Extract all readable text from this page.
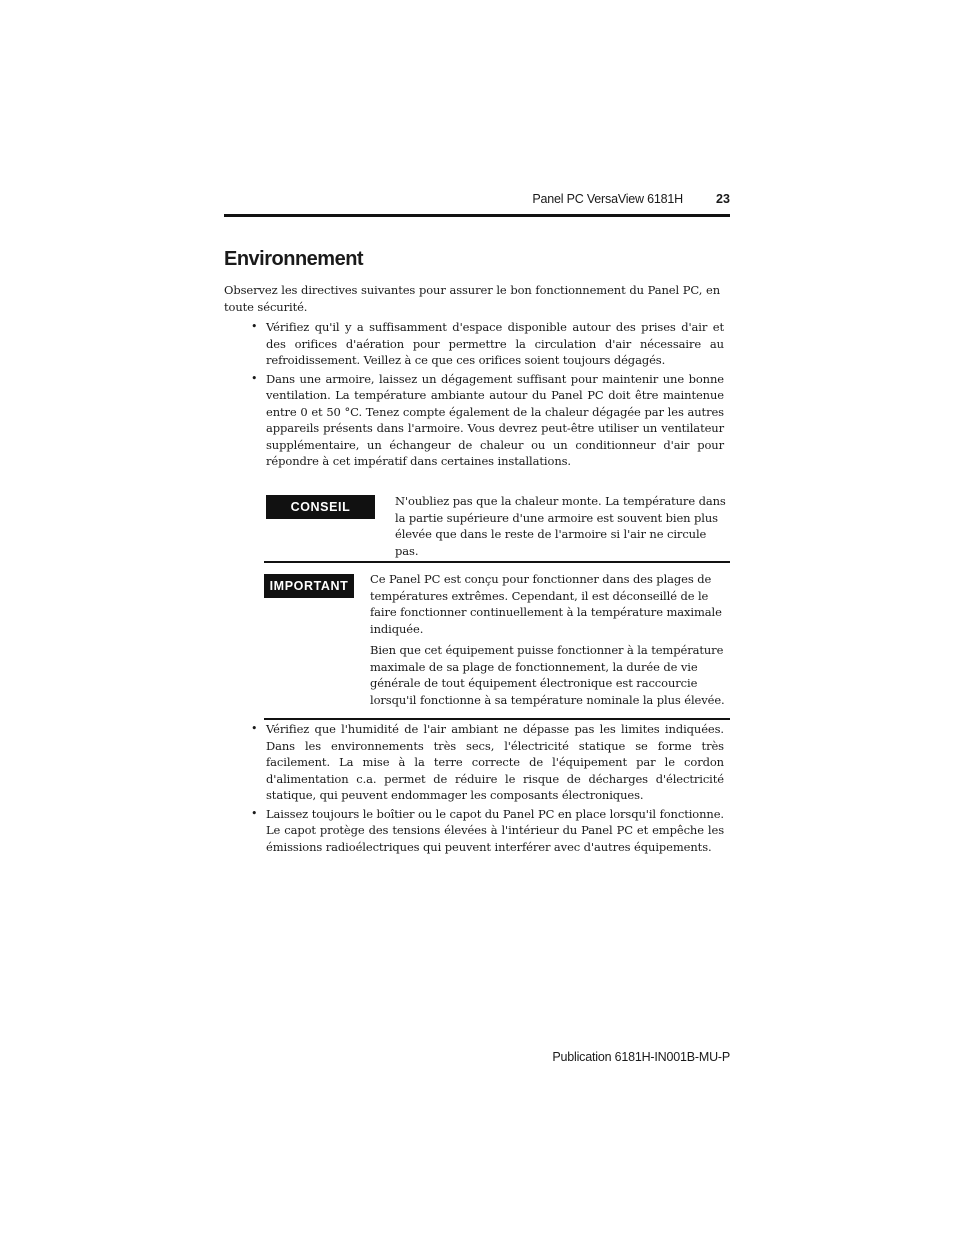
Panel PC VersaView 6181H	23
Environnement

Observez les directives suivantes pour assurer le bon fonctionnement du Panel PC, en toute sécurité.

• Vérifiez qu'il y a suffisamment d'espace disponible autour des prises d'air et des orifices d'aération pour permettre la circulation d'air nécessaire au refroidissement. Veillez à ce que ces orifices soient toujours dégagés.
• Dans une armoire, laissez un dégagement suffisant pour maintenir une bonne ventilation. La température ambiante autour du Panel PC doit être maintenue entre 0 et 50 °C. Tenez compte également de la chaleur dégagée par les autres appareils présents dans l'armoire. Vous devrez peut-être utiliser un ventilateur supplémentaire, un échangeur de chaleur ou un conditionneur d'air pour répondre à cet impératif dans certaines installations.
CONSEIL	N'oubliez pas que la chaleur monte. La température dans la partie supérieure d'une armoire est souvent bien plus élevée que dans le reste de l'armoire si l'air ne circule pas.

IMPORTANT	Ce Panel PC est conçu pour fonctionner dans des plages de températures extrêmes. Cependant, il est déconseillé de le faire fonctionner continuellement à la température maximale indiquée.

Bien que cet équipement puisse fonctionner à la température maximale de sa plage de fonctionnement, la durée de vie générale de tout équipement électronique est raccourcie lorsqu'il fonctionne à sa température nominale la plus élevée.

• Vérifiez que l'humidité de l'air ambiant ne dépasse pas les limites indiquées. Dans les environnements très secs, l'électricité statique se forme très facilement. La mise à la terre correcte de l'équipement par le cordon d'alimentation c.a. permet de réduire le risque de décharges d'électricité statique, qui peuvent endommager les composants électroniques.
• Laissez toujours le boîtier ou le capot du Panel PC en place lorsqu'il fonctionne. Le capot protège des tensions élevées à l'intérieur du Panel PC et empêche les émissions radioélectriques qui peuvent interférer avec d'autres équipements.
Publication 6181H-IN001B-MU-P
